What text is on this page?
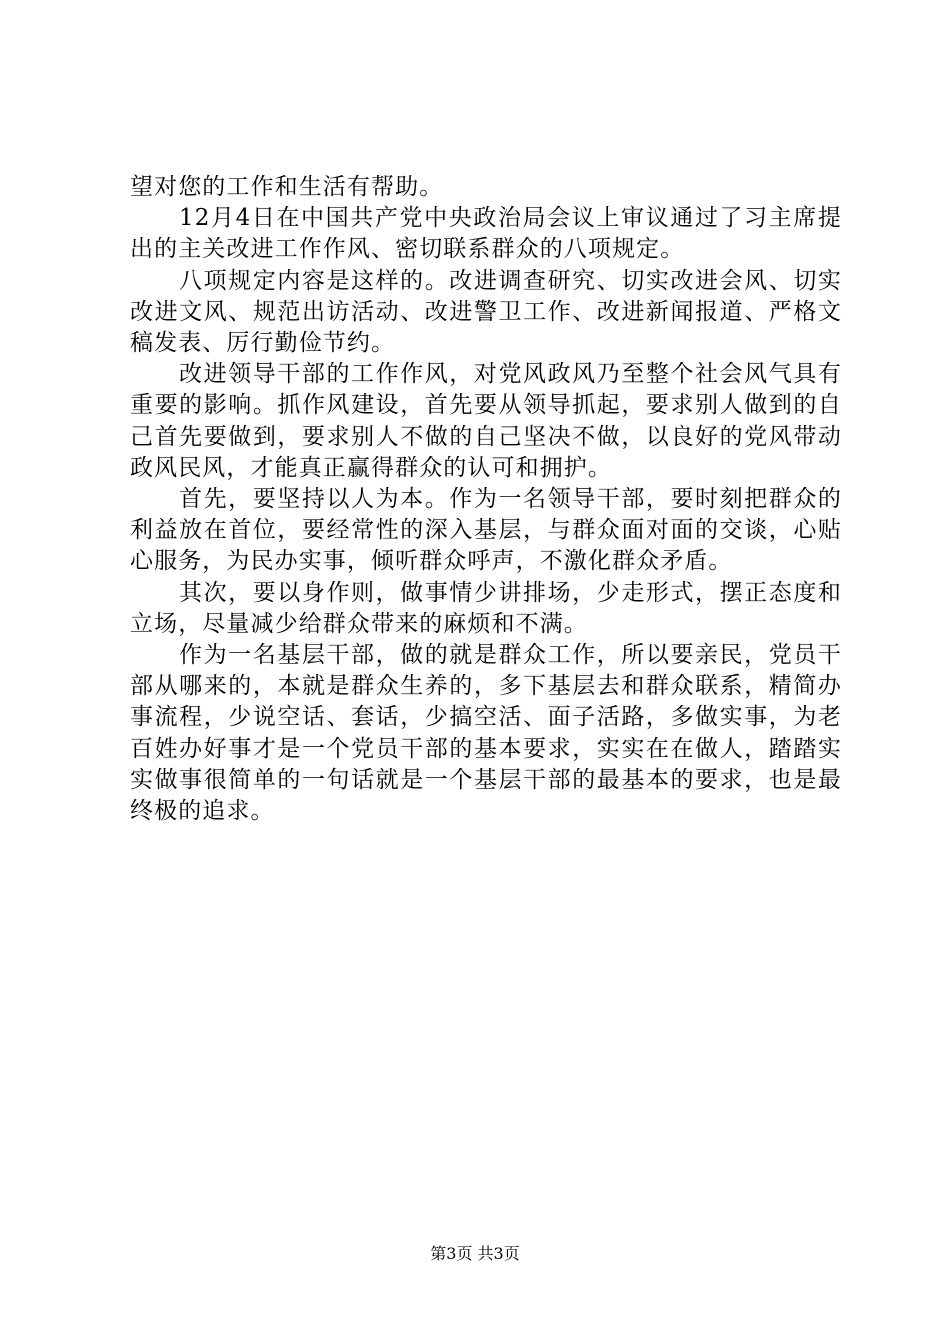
望对您的工作和生活有帮助。

12月4日在中国共产党中央政治局会议上审议通过了习主席提出的主关改进工作作风、密切联系群众的八项规定。

八项规定内容是这样的。改进调查研究、切实改进会风、切实改进文风、规范出访活动、改进警卫工作、改进新闻报道、严格文稿发表、厉行勤俭节约。

改进领导干部的工作作风，对党风政风乃至整个社会风气具有重要的影响。抓作风建设，首先要从领导抓起，要求别人做到的自己首先要做到，要求别人不做的自己坚决不做，以良好的党风带动政风民风，才能真正赢得群众的认可和拥护。

首先，要坚持以人为本。作为一名领导干部，要时刻把群众的利益放在首位，要经常性的深入基层，与群众面对面的交谈，心贴心服务，为民办实事，倾听群众呼声，不激化群众矛盾。

其次，要以身作则，做事情少讲排场，少走形式，摆正态度和立场，尽量减少给群众带来的麻烦和不满。

作为一名基层干部，做的就是群众工作，所以要亲民，党员干部从哪来的，本就是群众生养的，多下基层去和群众联系，精简办事流程，少说空话、套话，少搞空活、面子活路，多做实事，为老百姓办好事才是一个党员干部的基本要求，实实在在做人，踏踏实实做事很简单的一句话就是一个基层干部的最基本的要求，也是最终极的追求。

第3页 共3页
